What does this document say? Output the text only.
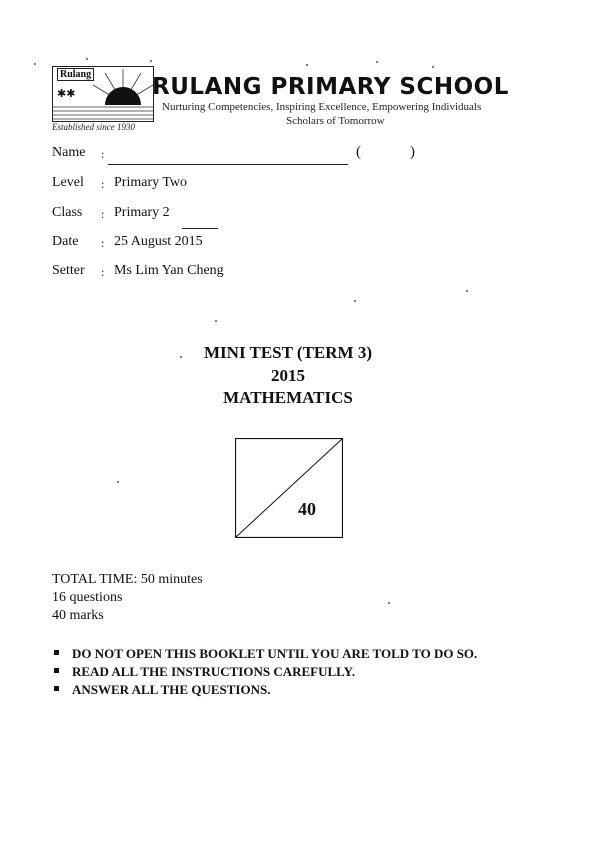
✱✱
Rulang
Established since 1930
RULANG PRIMARY SCHOOL
Nurturing Competencies, Inspiring Excellence, Empowering Individuals
Scholars of Tomorrow
Name :	(	)
Level : Primary Two
Class : Primary 2
Date : 25 August 2015
Setter : Ms Lim Yan Cheng
MINI TEST (TERM 3)
2015
MATHEMATICS
40
TOTAL TIME: 50 minutes
16 questions
40 marks
DO NOT OPEN THIS BOOKLET UNTIL YOU ARE TOLD TO DO SO.
READ ALL THE INSTRUCTIONS CAREFULLY.
ANSWER ALL THE QUESTIONS.
